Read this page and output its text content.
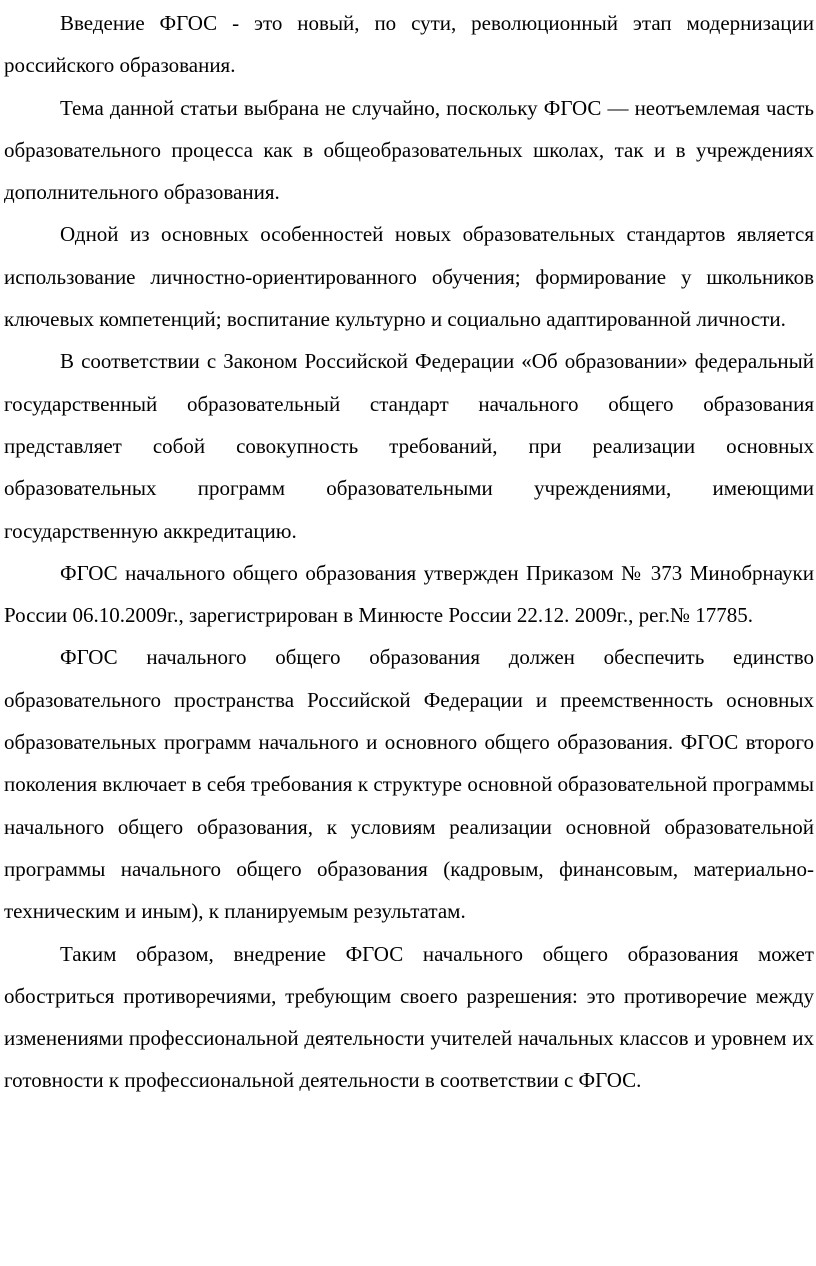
Введение ФГОС - это новый, по сути, революционный этап модернизации российского образования.

Тема данной статьи выбрана не случайно, поскольку ФГОС — неотъемлемая часть образовательного процесса как в общеобразовательных школах, так и в учреждениях дополнительного образования.

Одной из основных особенностей новых образовательных стандартов является использование личностно-ориентированного обучения; формирование у школьников ключевых компетенций; воспитание культурно и социально адаптированной личности.

В соответствии с Законом Российской Федерации «Об образовании» федеральный государственный образовательный стандарт начального общего образования представляет собой совокупность требований, при реализации основных образовательных программ образовательными учреждениями, имеющими государственную аккредитацию.

ФГОС начального общего образования утвержден Приказом № 373 Минобрнауки России 06.10.2009г., зарегистрирован в Минюсте России 22.12. 2009г., рег.№ 17785.

ФГОС начального общего образования должен обеспечить единство образовательного пространства Российской Федерации и преемственность основных образовательных программ начального и основного общего образования. ФГОС второго поколения включает в себя требования к структуре основной образовательной программы начального общего образования, к условиям реализации основной образовательной программы начального общего образования (кадровым, финансовым, материально-техническим и иным), к планируемым результатам.

Таким образом, внедрение ФГОС начального общего образования может обостриться противоречиями, требующим своего разрешения: это противоречие между изменениями профессиональной деятельности учителей начальных классов и уровнем их готовности к профессиональной деятельности в соответствии с ФГОС.
